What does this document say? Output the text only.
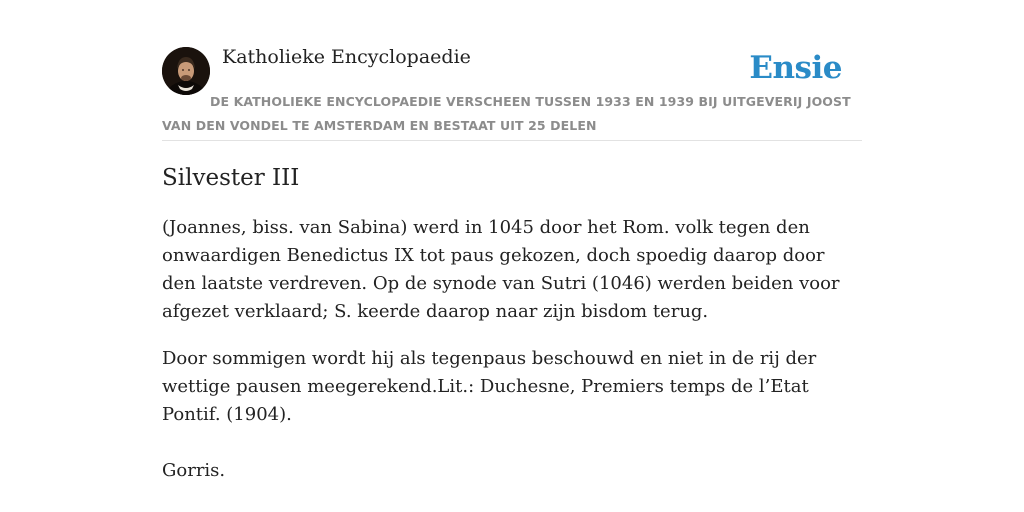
Katholieke Encyclopaedie	Ensie
DE KATHOLIEKE ENCYCLOPAEDIE VERSCHEEN TUSSEN 1933 EN 1939 BIJ UITGEVERIJ JOOST VAN DEN VONDEL TE AMSTERDAM EN BESTAAT UIT 25 DELEN
Silvester III

(Joannes, biss. van Sabina) werd in 1045 door het Rom. volk tegen den onwaardigen Benedictus IX tot paus gekozen, doch spoedig daarop door den laatste verdreven. Op de synode van Sutri (1046) werden beiden voor afgezet verklaard; S. keerde daarop naar zijn bisdom terug.

Door sommigen wordt hij als tegenpaus beschouwd en niet in de rij der wettige pausen meegerekend.Lit.: Duchesne, Premiers temps de l’Etat Pontif. (1904).

Gorris.
